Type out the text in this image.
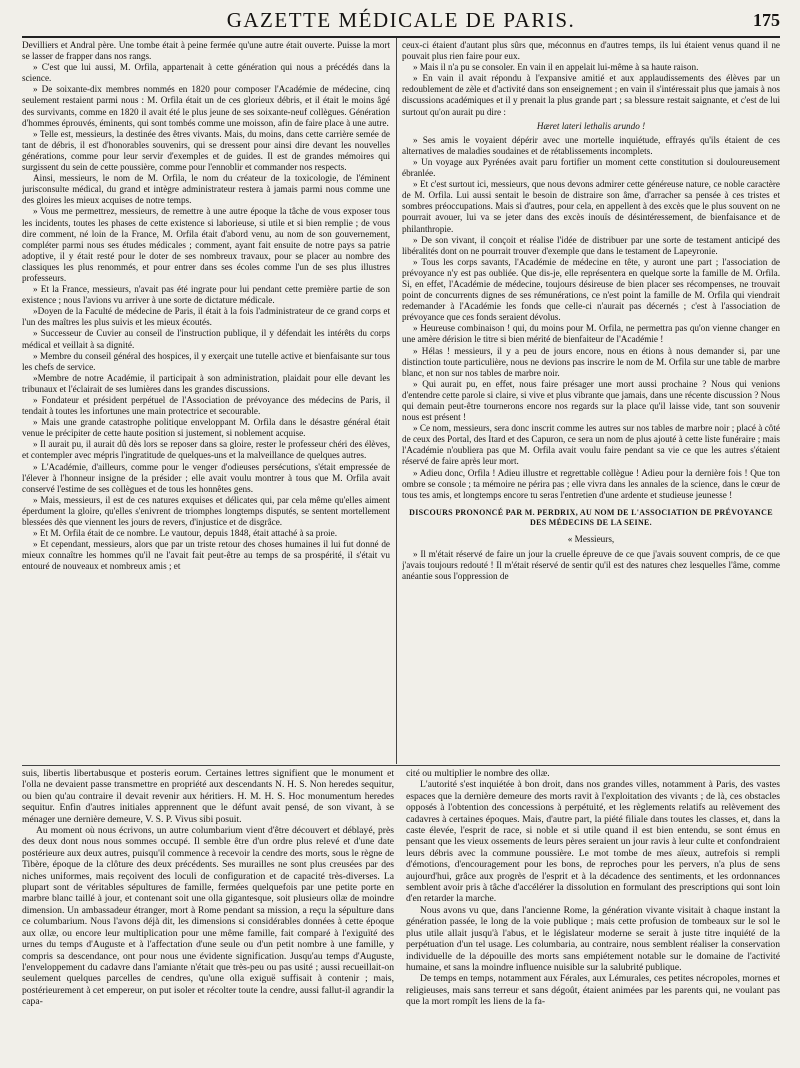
GAZETTE MÉDICALE DE PARIS.	175

Devilliers et Andral père. Une tombe était à peine fermée qu'une autre était ouverte. Puisse la mort se lasser de frapper dans nos rangs.

» C'est que lui aussi, M. Orfila, appartenait à cette génération qui nous a précédés dans la science.

» De soixante-dix membres nommés en 1820 pour composer l'Académie de médecine, cinq seulement restaient parmi nous : M. Orfila était un de ces glorieux débris, et il était le moins âgé des survivants, comme en 1820 il avait été le plus jeune de ses soixante-neuf collègues. Génération d'hommes éprouvés, éminents, qui sont tombés comme une moisson, afin de faire place à une autre.

» Telle est, messieurs, la destinée des êtres vivants. Mais, du moins, dans cette carrière semée de tant de débris, il est d'honorables souvenirs, qui se dressent pour ainsi dire devant les nouvelles générations, comme pour leur servir d'exemples et de guides. Il est de grandes mémoires qui surgissent du sein de cette poussière, comme pour l'ennoblir et commander nos respects.

Ainsi, messieurs, le nom de M. Orfila, le nom du créateur de la toxicologie, de l'éminent jurisconsulte médical, du grand et intègre administrateur restera à jamais parmi nous comme une des gloires les mieux acquises de notre temps.

» Vous me permettrez, messieurs, de remettre à une autre époque la tâche de vous exposer tous les incidents, toutes les phases de cette existence si laborieuse, si utile et si bien remplie ; de vous dire comment, né loin de la France, M. Orfila était d'abord venu, au nom de son gouvernement, compléter parmi nous ses études médicales ; comment, ayant fait ensuite de notre pays sa patrie adoptive, il y était resté pour le doter de ses nombreux travaux, pour se placer au nombre des classiques les plus renommés, et pour entrer dans ses écoles comme l'un de ses plus illustres professeurs.

» Et la France, messieurs, n'avait pas été ingrate pour lui pendant cette première partie de son existence ; nous l'avions vu arriver à une sorte de dictature médicale.

»Doyen de la Faculté de médecine de Paris, il était à la fois l'administrateur de ce grand corps et l'un des maîtres les plus suivis et les mieux écoutés.

» Successeur de Cuvier au conseil de l'instruction publique, il y défendait les intérêts du corps médical et veillait à sa dignité.

» Membre du conseil général des hospices, il y exerçait une tutelle active et bienfaisante sur tous les chefs de service.

»Membre de notre Académie, il participait à son administration, plaidait pour elle devant les tribunaux et l'éclairait de ses lumières dans les grandes discussions.

» Fondateur et président perpétuel de l'Association de prévoyance des médecins de Paris, il tendait à toutes les infortunes une main protectrice et secourable.

» Mais une grande catastrophe politique enveloppant M. Orfila dans le désastre général était venue le précipiter de cette haute position si justement, si noblement acquise.

» Il aurait pu, il aurait dû dès lors se reposer dans sa gloire, rester le professeur chéri des élèves, et contempler avec mépris l'ingratitude de quelques-uns et la malveillance de quelques autres.

» L'Académie, d'ailleurs, comme pour le venger d'odieuses persécutions, s'était empressée de l'élever à l'honneur insigne de la présider ; elle avait voulu montrer à tous que M. Orfila avait conservé l'estime de ses collègues et de tous les honnêtes gens.

» Mais, messieurs, il est de ces natures exquises et délicates qui, par cela même qu'elles aiment éperdument la gloire, qu'elles s'enivrent de triomphes longtemps disputés, se sentent mortellement blessées dès que viennent les jours de revers, d'injustice et de disgrâce.

» Et M. Orfila était de ce nombre. Le vautour, depuis 1848, était attaché à sa proie.

» Et cependant, messieurs, alors que par un triste retour des choses humaines il lui fut donné de mieux connaître les hommes qu'il ne l'avait fait peut-être au temps de sa prospérité, il s'était vu entouré de nouveaux et nombreux amis ; et

ceux-ci étaient d'autant plus sûrs que, méconnus en d'autres temps, ils lui étaient venus quand il ne pouvait plus rien faire pour eux.

» Mais il n'a pu se consoler. En vain il en appelait lui-même à sa haute raison.

» En vain il avait répondu à l'expansive amitié et aux applaudissements des élèves par un redoublement de zèle et d'activité dans son enseignement ; en vain il s'intéressait plus que jamais à nos discussions académiques et il y prenait la plus grande part ; sa blessure restait saignante, et c'est de lui surtout qu'on aurait pu dire :

Hæret lateri lethalis arundo !

» Ses amis le voyaient dépérir avec une mortelle inquiétude, effrayés qu'ils étaient de ces alternatives de maladies soudaines et de rétablissements incomplets.

» Un voyage aux Pyrénées avait paru fortifier un moment cette constitution si douloureusement ébranlée.

» Et c'est surtout ici, messieurs, que nous devons admirer cette généreuse nature, ce noble caractère de M. Orfila. Lui aussi sentait le besoin de distraire son âme, d'arracher sa pensée à ces tristes et sombres préoccupations. Mais si d'autres, pour cela, en appellent à des excès que le plus souvent on ne pourrait avouer, lui va se jeter dans des excès inouïs de désintéressement, de bienfaisance et de philanthropie.

» De son vivant, il conçoit et réalise l'idée de distribuer par une sorte de testament anticipé des libéralités dont on ne pourrait trouver d'exemple que dans le testament de Lapeyronie.

» Tous les corps savants, l'Académie de médecine en tête, y auront une part ; l'association de prévoyance n'y est pas oubliée. Que dis-je, elle représentera en quelque sorte la famille de M. Orfila. Si, en effet, l'Académie de médecine, toujours désireuse de bien placer ses récompenses, ne trouvait point de concurrents dignes de ses rémunérations, ce n'est point la famille de M. Orfila qui viendrait redemander à l'Académie les fonds que celle-ci n'aurait pas décernés ; c'est à l'association de prévoyance que ces fonds seraient dévolus.

» Heureuse combinaison ! qui, du moins pour M. Orfila, ne permettra pas qu'on vienne changer en une amère dérision le titre si bien mérité de bienfaiteur de l'Académie !

» Hélas ! messieurs, il y a peu de jours encore, nous en étions à nous demander si, par une distinction toute particulière, nous ne devions pas inscrire le nom de M. Orfila sur une table de marbre blanc, et non sur nos tables de marbre noir.

» Qui aurait pu, en effet, nous faire présager une mort aussi prochaine ? Nous qui venions d'entendre cette parole si claire, si vive et plus vibrante que jamais, dans une récente discussion ? Nous qui demain peut-être tournerons encore nos regards sur la place qu'il laisse vide, tant son souvenir nous est présent !

» Ce nom, messieurs, sera donc inscrit comme les autres sur nos tables de marbre noir ; placé à côté de ceux des Portal, des Itard et des Capuron, ce sera un nom de plus ajouté à cette liste funéraire ; mais l'Académie n'oubliera pas que M. Orfila avait voulu faire pendant sa vie ce que les autres s'étaient réservé de faire après leur mort.

» Adieu donc, Orfila ! Adieu illustre et regrettable collègue ! Adieu pour la dernière fois ! Que ton ombre se console ; ta mémoire ne périra pas ; elle vivra dans les annales de la science, dans le cœur de tous tes amis, et longtemps encore tu seras l'entretien d'une ardente et studieuse jeunesse !

DISCOURS PRONONCÉ PAR M. PERDRIX, AU NOM DE L'ASSOCIATION DE PRÉVOYANCE DES MÉDECINS DE LA SEINE.

« Messieurs,

» Il m'était réservé de faire un jour la cruelle épreuve de ce que j'avais souvent compris, de ce que j'avais toujours redouté ! Il m'était réservé de sentir qu'il est des natures chez lesquelles l'âme, comme anéantie sous l'oppression de

suis, libertis libertabusque et posteris eorum. Certaines lettres signifient que le monument et l'olla ne devaient passe transmettre en propriété aux descendants N. H. S. Non heredes sequitur, ou bien qu'au contraire il devait revenir aux héritiers. H. M. H. S. Hoc monumentum heredes sequitur. Enfin d'autres initiales apprennent que le défunt avait pensé, de son vivant, à se ménager une dernière demeure, V. S. P. Vivus sibi posuit.

Au moment où nous écrivons, un autre columbarium vient d'être découvert et déblayé, près des deux dont nous nous sommes occupé. Il semble être d'un ordre plus relevé et d'une date postérieure aux deux autres, puisqu'il commence à recevoir la cendre des morts, sous le règne de Tibère, époque de la clôture des deux précédents. Ses murailles ne sont plus creusées par des niches uniformes, mais reçoivent des loculi de configuration et de capacité très-diverses. La plupart sont de véritables sépultures de famille, fermées quelquefois par une petite porte en marbre blanc taillé à jour, et contenant soit une olla gigantesque, soit plusieurs ollæ de moindre dimension. Un ambassadeur étranger, mort à Rome pendant sa mission, a reçu la sépulture dans ce columbarium. Nous l'avons déjà dit, les dimensions si considérables données à cette époque aux ollæ, ou encore leur multiplication pour une même famille, fait comparé à l'exiguïté des urnes du temps d'Auguste et à l'affectation d'une seule ou d'un petit nombre à une famille, y compris sa descendance, ont pour nous une évidente signification. Jusqu'au temps d'Auguste, l'enveloppement du cadavre dans l'amiante n'était que très-peu ou pas usité ; aussi recueillait-on seulement quelques parcelles de cendres, qu'une olla exiguë suffisait à contenir ; mais, postérieurement à cet empereur, on put isoler et récolter toute la cendre, aussi fallut-il agrandir la capa-

cité ou multiplier le nombre des ollæ.

L'autorité s'est inquiétée à bon droit, dans nos grandes villes, notamment à Paris, des vastes espaces que la dernière demeure des morts ravit à l'exploitation des vivants ; de là, ces obstacles opposés à l'obtention des concessions à perpétuité, et les règlements relatifs au relèvement des cadavres à certaines époques. Mais, d'autre part, la piété filiale dans toutes les classes, et, dans la caste élevée, l'esprit de race, si noble et si utile quand il est bien entendu, se sont émus en pensant que les vieux ossements de leurs pères seraient un jour ravis à leur culte et confondraient leurs débris avec la commune poussière. Le mot tombe de mes aïeux, autrefois si rempli d'émotions, d'encouragement pour les bons, de reproches pour les pervers, n'a plus de sens aujourd'hui, grâce aux progrès de l'esprit et à la décadence des sentiments, et les ordonnances semblent avoir pris à tâche d'accélérer la dissolution en formulant des prescriptions qui sont loin d'en retarder la marche.

Nous avons vu que, dans l'ancienne Rome, la génération vivante visitait à chaque instant la génération passée, le long de la voie publique ; mais cette profusion de tombeaux sur le sol le plus utile allait jusqu'à l'abus, et le législateur moderne se serait à juste titre inquiété de la perpétuation d'un tel usage. Les columbaria, au contraire, nous semblent réaliser la conservation individuelle de la dépouille des morts sans empiétement notable sur le domaine de l'activité humaine, et sans la moindre influence nuisible sur la salubrité publique.

De temps en temps, notamment aux Férales, aux Lémurales, ces petites nécropoles, mornes et religieuses, mais sans terreur et sans dégoût, étaient animées par les parents qui, ne voulant pas que la mort rompît les liens de la fa-
